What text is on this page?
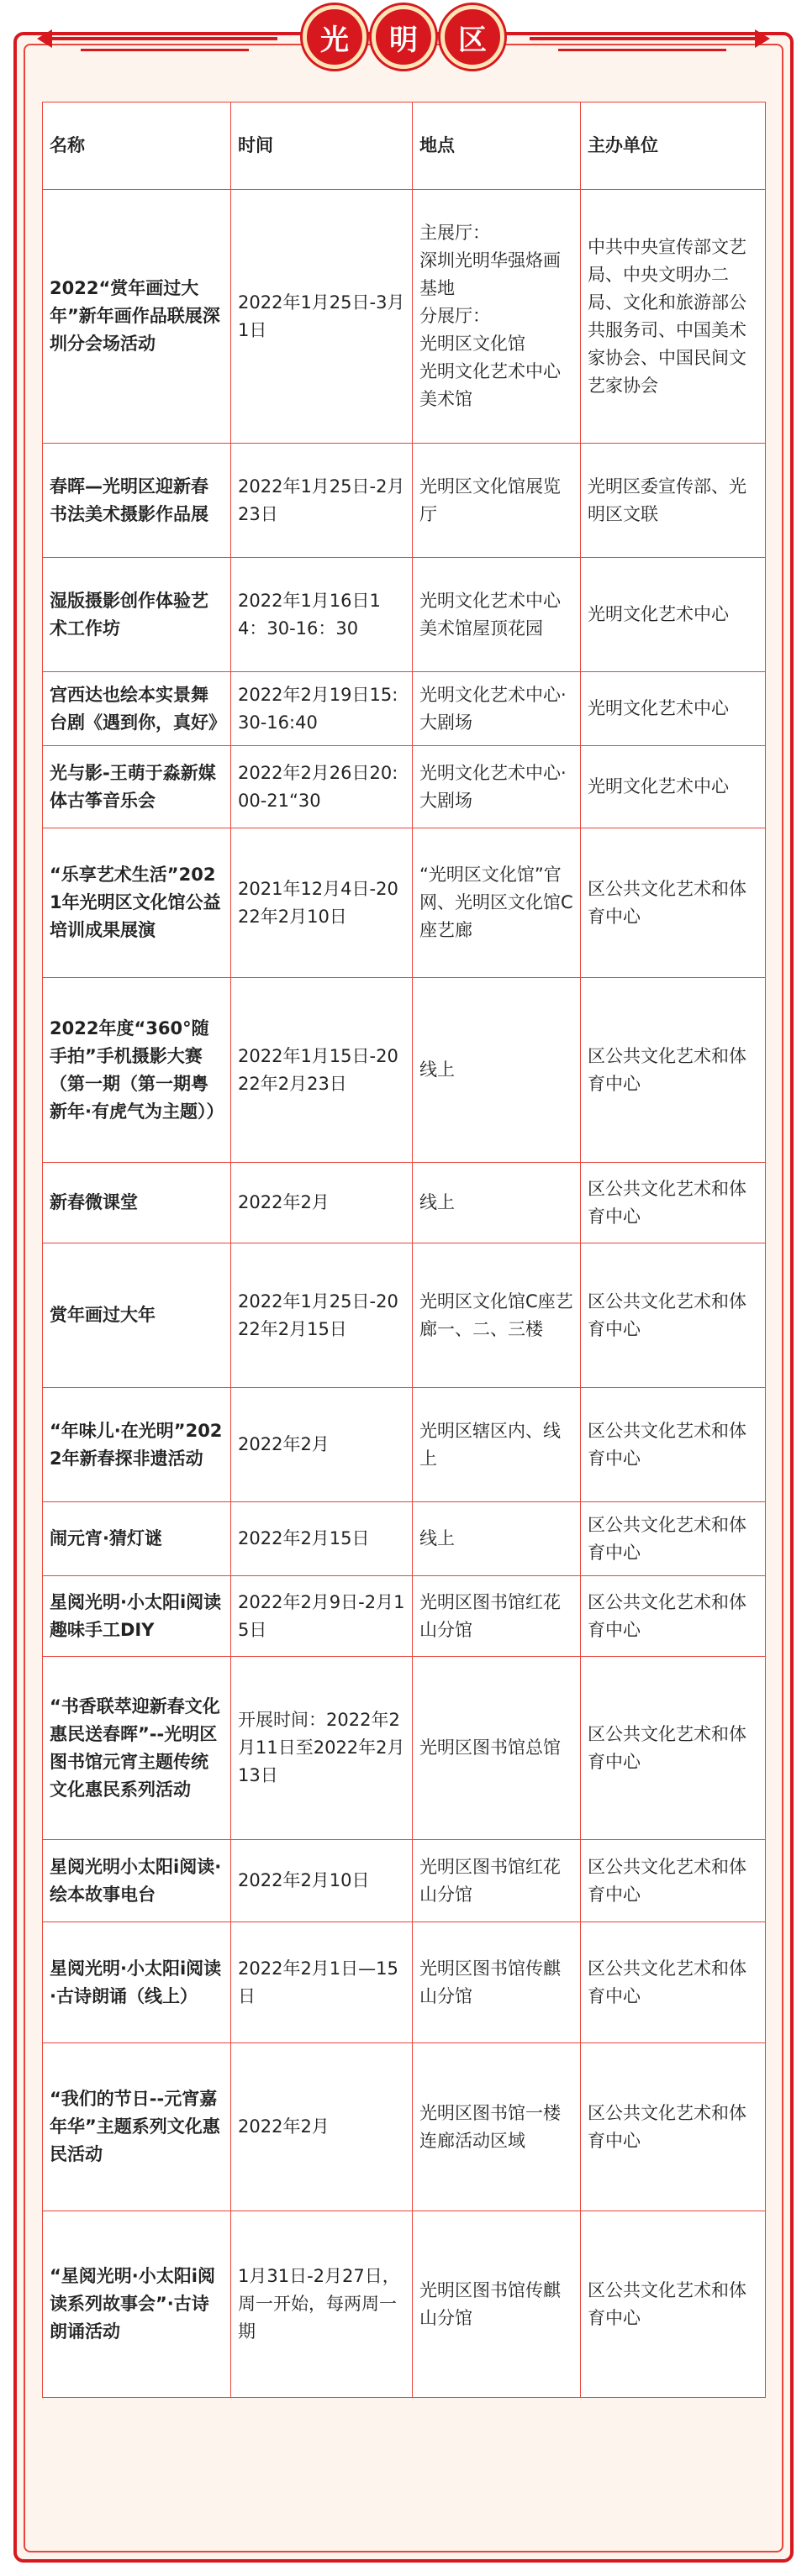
光	明	区
名称	时间	地点	主办单位
2022“赏年画过大年”新年画作品联展深圳分会场活动	2022年1月25日-3月1日	主展厅：
深圳光明华强烙画基地
分展厅：
光明区文化馆
光明文化艺术中心美术馆	中共中央宣传部文艺局、中央文明办二局、文化和旅游部公共服务司、中国美术家协会、中国民间文艺家协会
春晖—光明区迎新春书法美术摄影作品展	2022年1月25日-2月23日	光明区文化馆展览厅	光明区委宣传部、光明区文联
湿版摄影创作体验艺术工作坊	2022年1月16日14：30-16：30	光明文化艺术中心美术馆屋顶花园	光明文化艺术中心
宫西达也绘本实景舞台剧《遇到你，真好》	2022年2月19日15:30-16:40	光明文化艺术中心·大剧场	光明文化艺术中心
光与影-王萌于淼新媒体古筝音乐会	2022年2月26日20:00-21“30	光明文化艺术中心·大剧场	光明文化艺术中心
“乐享艺术生活”2021年光明区文化馆公益培训成果展演	2021年12月4日-2022年2月10日	“光明区文化馆”官网、光明区文化馆C座艺廊	区公共文化艺术和体育中心
2022年度“360°随手拍”手机摄影大赛（第一期（第一期粤新年·有虎气为主题））	2022年1月15日-2022年2月23日	线上	区公共文化艺术和体育中心
新春微课堂	2022年2月	线上	区公共文化艺术和体育中心
赏年画过大年	2022年1月25日-2022年2月15日	光明区文化馆C座艺廊一、二、三楼	区公共文化艺术和体育中心
“年味儿·在光明”2022年新春探非遗活动	2022年2月	光明区辖区内、线上	区公共文化艺术和体育中心
闹元宵·猜灯谜	2022年2月15日	线上	区公共文化艺术和体育中心
星阅光明·小太阳i阅读趣味手工DIY	2022年2月9日-2月15日	光明区图书馆红花山分馆	区公共文化艺术和体育中心
“书香联萃迎新春文化惠民送春晖”--光明区图书馆元宵主题传统文化惠民系列活动	开展时间：2022年2月11日至2022年2月13日	光明区图书馆总馆	区公共文化艺术和体育中心
星阅光明小太阳i阅读·绘本故事电台	2022年2月10日	光明区图书馆红花山分馆	区公共文化艺术和体育中心
星阅光明·小太阳i阅读·古诗朗诵（线上）	2022年2月1日—15日	光明区图书馆传麒山分馆	区公共文化艺术和体育中心
“我们的节日--元宵嘉年华”主题系列文化惠民活动	2022年2月	光明区图书馆一楼连廊活动区域	区公共文化艺术和体育中心
“星阅光明·小太阳i阅读系列故事会”·古诗朗诵活动	1月31日-2月27日，周一开始，每两周一期	光明区图书馆传麒山分馆	区公共文化艺术和体育中心
